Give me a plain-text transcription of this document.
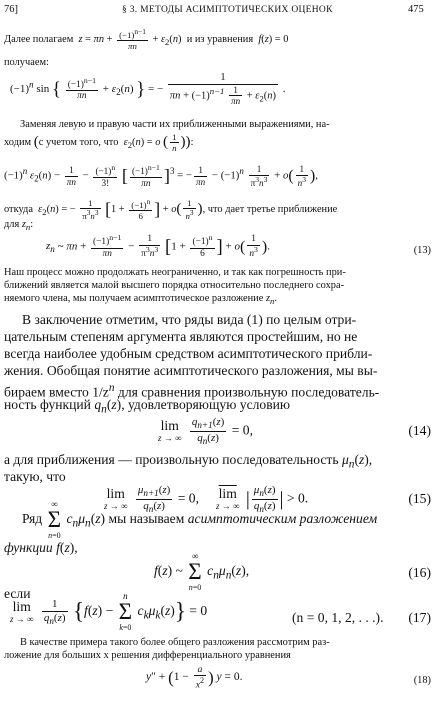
76]	§ 3. МЕТОДЫ АСИМПТОТИЧЕСКИХ ОЦЕНОК	475
Далее полагаем  $z = \pi n + \frac{(-1)^{n-1}}{\pi n} + \varepsilon_2(n)$  и из уравнения  f(z) = 0
получаем:
$(-1)^n$ sin { $\frac{(-1)^{n-1}}{\pi n} + \varepsilon_2(n)$ } = − $\frac{1}{\pi n + (-1)^{n-1} \frac{1}{\pi n} + \varepsilon_2(n)}$ .
Заменяя левую и правую части их приближенными выражениями, на-
ходим (с учетом того, что  $\varepsilon_2(n) = o$ ( $\frac{1}{n}$ )):
$(-1)^n$ $\varepsilon_2(n) - \frac{1}{\pi n} - \frac{(-1)^n}{3!}$ [ $\frac{(-1)^{n-1}}{\pi n} ]^3$ = − $\frac{1}{\pi n} - (-1)^n \frac{1}{\pi^3n^3} + o( \frac{1}{n^3}$ ),
откуда  $\varepsilon_2(n)$ = − $\frac{1}{\pi^3n^3} [1 + \frac{(-1)^n}{6}$ ] + $o( \frac{1}{n^3}$ ), что дает третье приближение
для $z_n$:
$z_n$ ~ $\pi n + \frac{(-1)^{n-1}}{\pi n} - \frac{1}{\pi^3n^3} [1 + \frac{(-1)^n}{6}$ ] + $o( \frac{1}{n^3}$ ).	(13)
Наш процесс можно продолжать неограниченно, и так как погрешность при-
ближений является малой высшего порядка относительно последнего сохра-
няемого члена, мы получаем асимптотическое разложение $z_n$.
В заключение отметим, что ряды вида (1) по целым отри-
цательным степеням аргумента являются простейшим, но не
всегда наиболее удобным средством асимптотического прибли-
жения. Обобщая понятие асимптотического разложения, мы вы-
бираем вместо $1/z^n$ для сравнения произвольную последователь-
ность функций $q_n(z)$, удовлетворяющую условию
lim
z → ∞
$\frac{q_{n+1}(z)}{q_n(z)} = 0$,	(14)
а для приближения — произвольную последовательность $\mu_n(z)$,
такую, что
lim
z → ∞
$\frac{\mu_{n+1}(z)}{q_n(z)} = 0$, $\overline{lim}$
z → ∞ | $\frac{\mu_n(z)}{q_n(z)}$ | > 0.	(15)
Ряд
∞
Σ
n=0
$c_n\mu_n(z)$ мы называем асимптотическим разложением
функции f(z),
f(z) ~
∞
Σ
n=0
$c_n\mu_n(z)$,	(16)
если
lim
z → ∞
$\frac{1}{q_n(z)} \{f(z)$ −
n
Σ
k=0
$c_k\mu_k(z)\} = 0$	(n = 0, 1, 2, . . .). (17)
В качестве примера такого более общего разложения рассмотрим раз-
ложение для больших x решения дифференциального уравнения
$y'' + (1 - \frac{a}{x^2}$ ) y = 0.	(18)
